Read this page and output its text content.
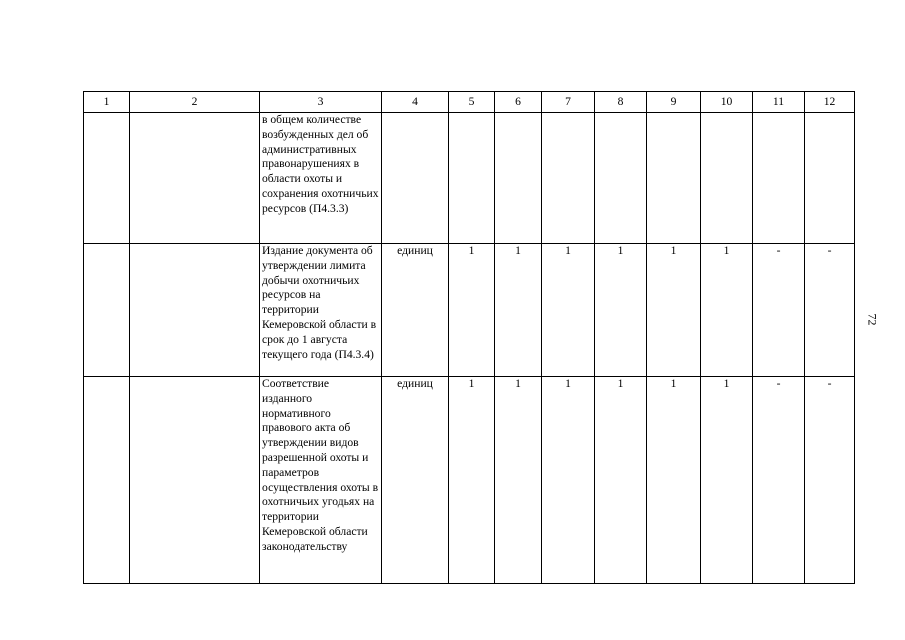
1	2	3	4	5	6	7	8	9	10	11	12
		в общем количестве возбужденных дел об административных правонарушениях в области охоты и сохранения охотничьих ресурсов (П4.3.3)									
		Издание документа об утверждении лимита добычи охотничьих ресурсов на территории Кемеровской области в срок до 1 августа текущего года (П4.3.4)	единиц	1	1	1	1	1	1	-	-
		Соответствие изданного нормативного правового акта об утверждении видов разрешенной охоты и параметров осуществления охоты в охотничьих угодьях на территории Кемеровской области законодательству	единиц	1	1	1	1	1	1	-	-
72
